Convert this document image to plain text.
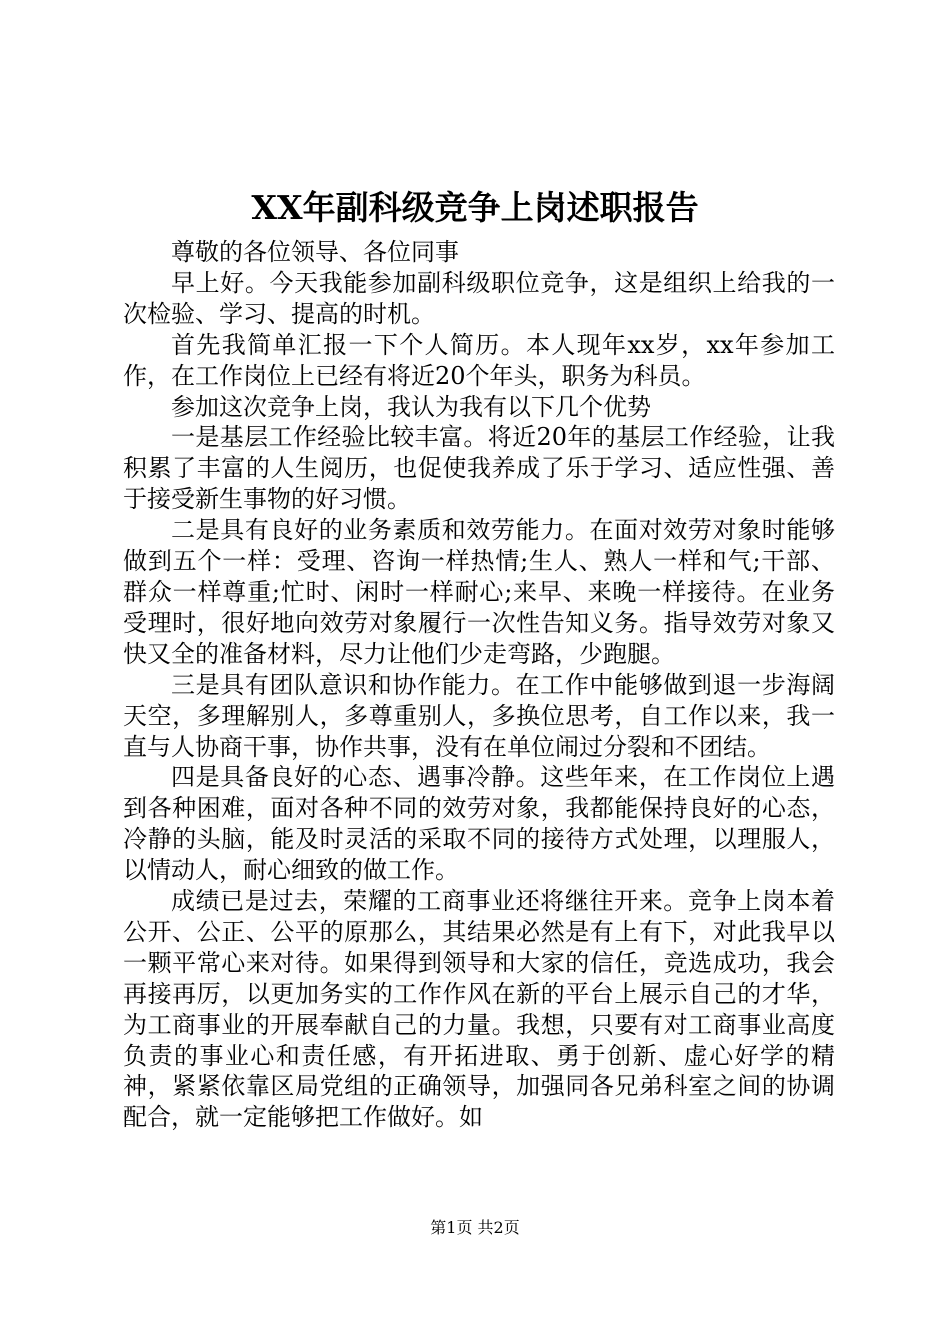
XX年副科级竞争上岗述职报告

尊敬的各位领导、各位同事

早上好。今天我能参加副科级职位竞争，这是组织上给我的一次检验、学习、提高的时机。

首先我简单汇报一下个人简历。本人现年xx岁，xx年参加工作，在工作岗位上已经有将近20个年头，职务为科员。

参加这次竞争上岗，我认为我有以下几个优势

一是基层工作经验比较丰富。将近20年的基层工作经验，让我积累了丰富的人生阅历，也促使我养成了乐于学习、适应性强、善于接受新生事物的好习惯。

二是具有良好的业务素质和效劳能力。在面对效劳对象时能够做到五个一样：受理、咨询一样热情;生人、熟人一样和气;干部、群众一样尊重;忙时、闲时一样耐心;来早、来晚一样接待。在业务受理时，很好地向效劳对象履行一次性告知义务。指导效劳对象又快又全的准备材料，尽力让他们少走弯路，少跑腿。

三是具有团队意识和协作能力。在工作中能够做到退一步海阔天空，多理解别人，多尊重别人，多换位思考，自工作以来，我一直与人协商干事，协作共事，没有在单位闹过分裂和不团结。

四是具备良好的心态、遇事冷静。这些年来，在工作岗位上遇到各种困难，面对各种不同的效劳对象，我都能保持良好的心态，冷静的头脑，能及时灵活的采取不同的接待方式处理，以理服人，以情动人，耐心细致的做工作。

成绩已是过去，荣耀的工商事业还将继往开来。竞争上岗本着公开、公正、公平的原那么，其结果必然是有上有下，对此我早以一颗平常心来对待。如果得到领导和大家的信任，竞选成功，我会再接再厉，以更加务实的工作作风在新的平台上展示自己的才华，为工商事业的开展奉献自己的力量。我想，只要有对工商事业高度负责的事业心和责任感，有开拓进取、勇于创新、虚心好学的精神，紧紧依靠区局党组的正确领导，加强同各兄弟科室之间的协调配合，就一定能够把工作做好。如

第1页 共2页
